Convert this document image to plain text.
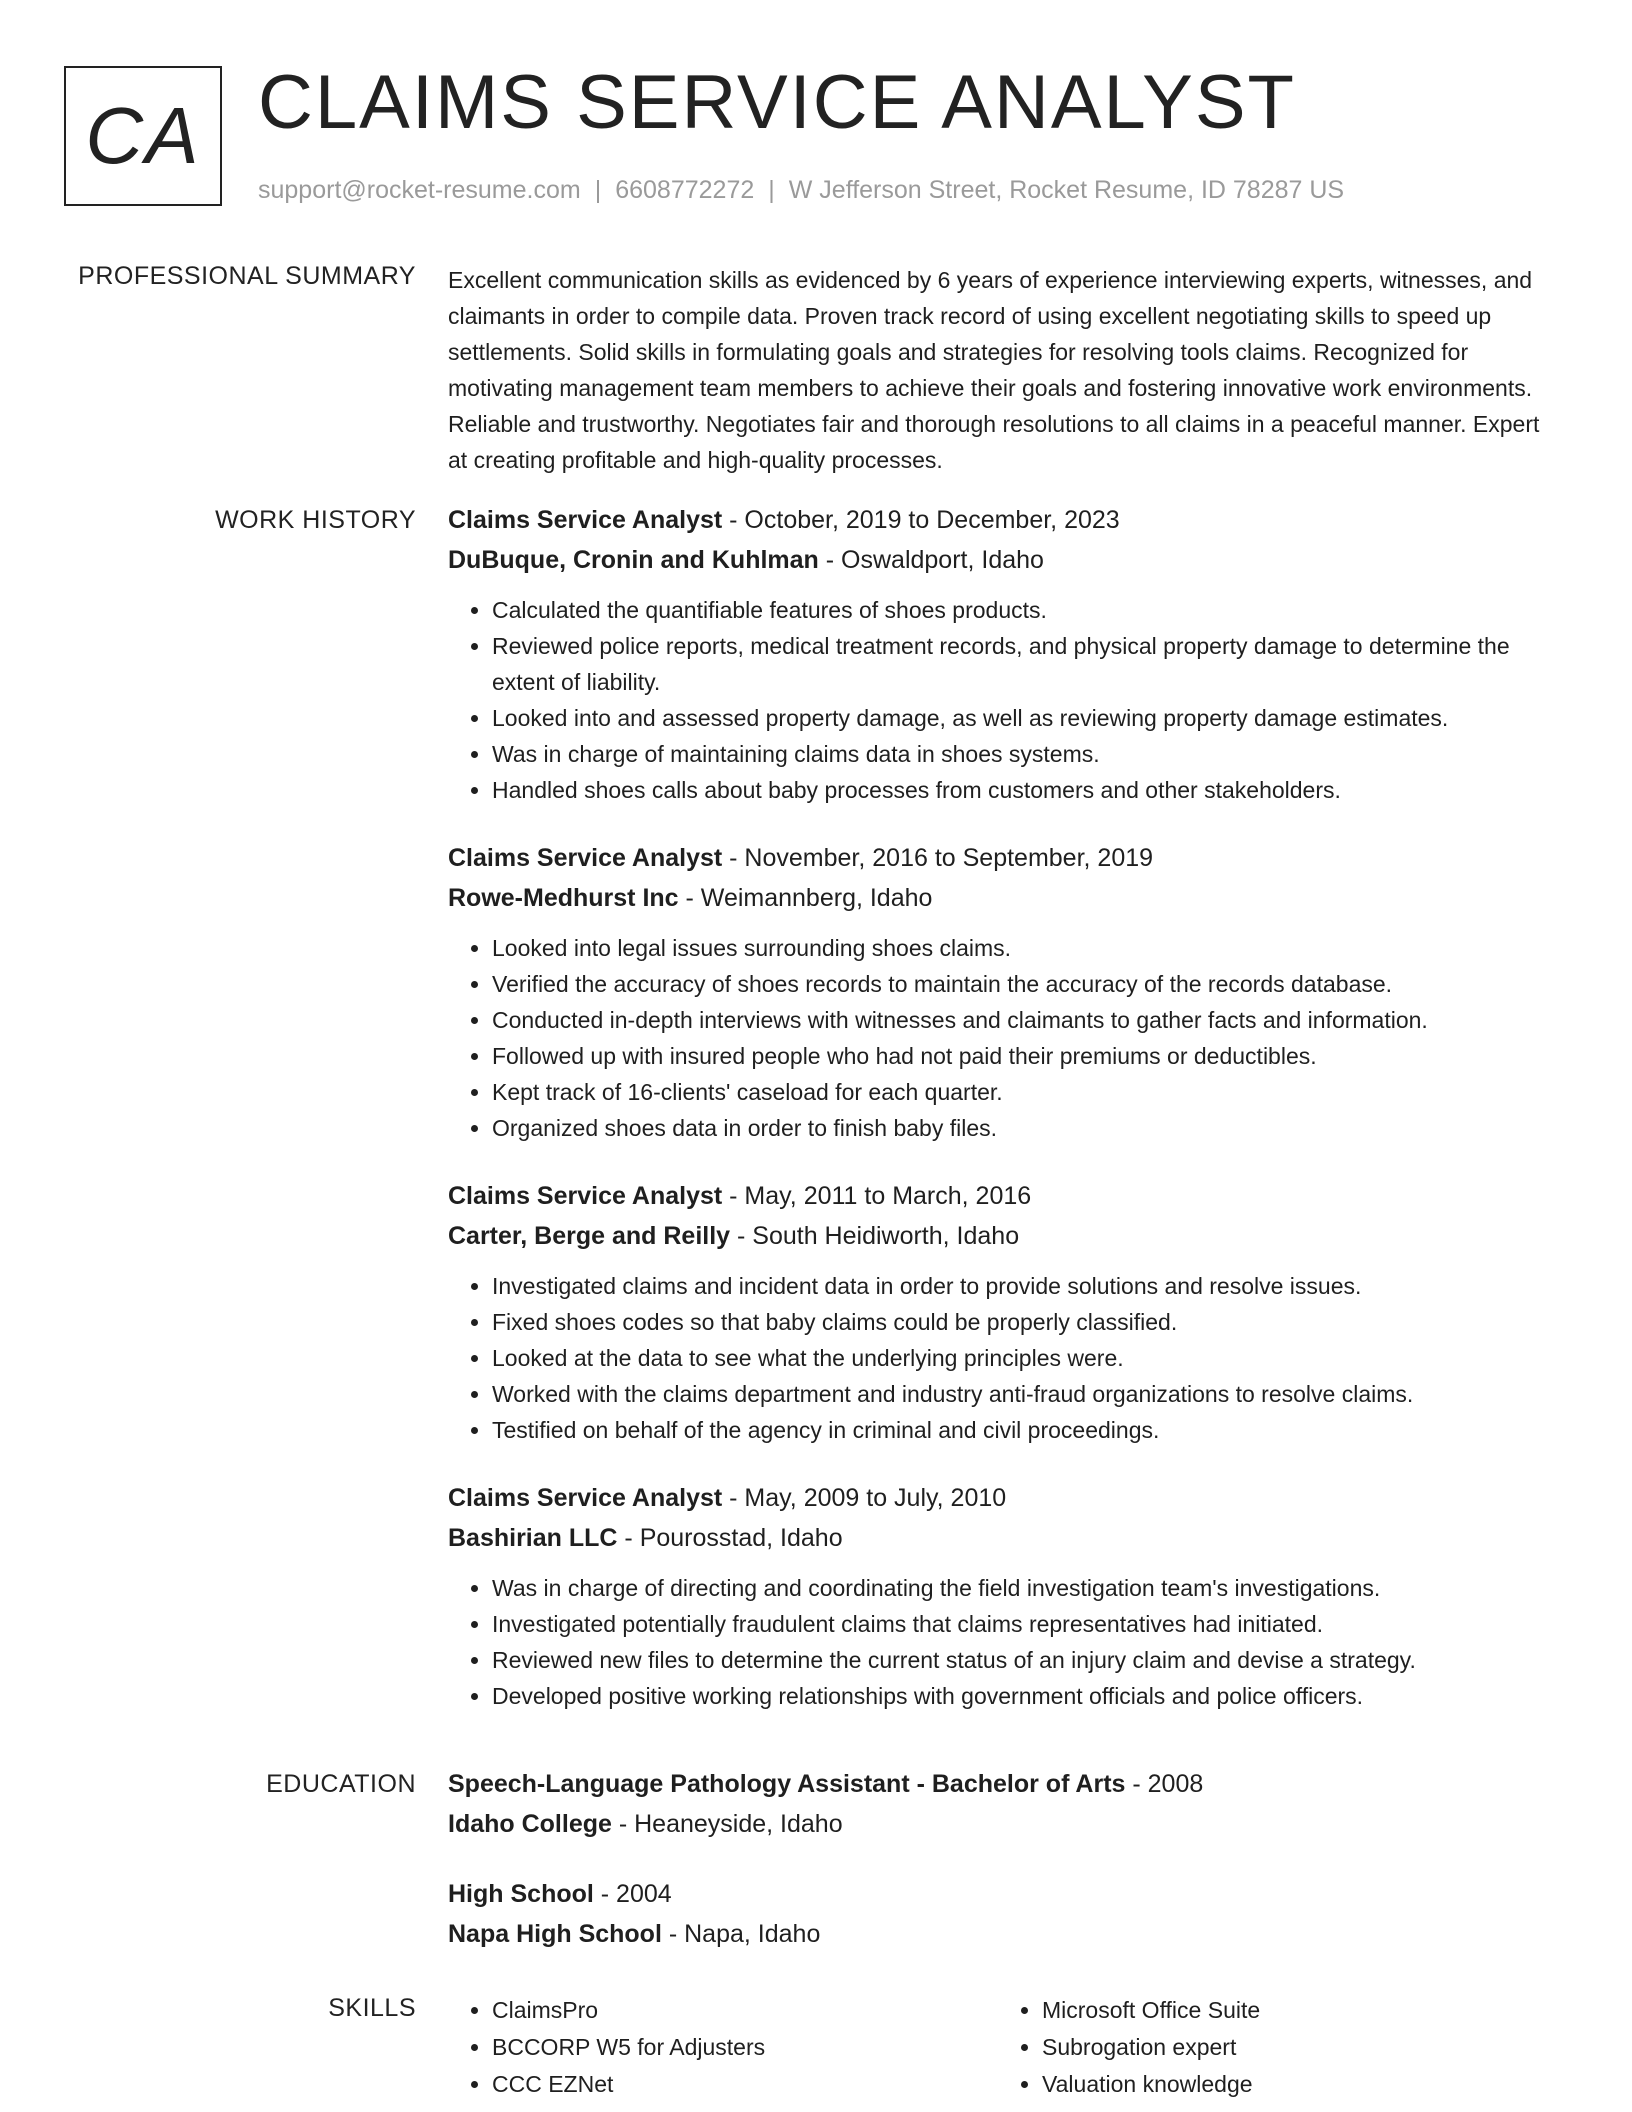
CA CLAIMS SERVICE ANALYST
support@rocket-resume.com | 6608772272 | W Jefferson Street, Rocket Resume, ID 78287 US
PROFESSIONAL SUMMARY Excellent communication skills as evidenced by 6 years of experience interviewing experts, witnesses, and claimants in order to compile data. Proven track record of using excellent negotiating skills to speed up settlements. Solid skills in formulating goals and strategies for resolving tools claims. Recognized for motivating management team members to achieve their goals and fostering innovative work environments. Reliable and trustworthy. Negotiates fair and thorough resolutions to all claims in a peaceful manner. Expert at creating profitable and high-quality processes.

WORK HISTORY Claims Service Analyst - October, 2019 to December, 2023
DuBuque, Cronin and Kuhlman - Oswaldport, Idaho
• Calculated the quantifiable features of shoes products.
• Reviewed police reports, medical treatment records, and physical property damage to determine the extent of liability.
• Looked into and assessed property damage, as well as reviewing property damage estimates.
• Was in charge of maintaining claims data in shoes systems.
• Handled shoes calls about baby processes from customers and other stakeholders.
Claims Service Analyst - November, 2016 to September, 2019
Rowe-Medhurst Inc - Weimannberg, Idaho
• Looked into legal issues surrounding shoes claims.
• Verified the accuracy of shoes records to maintain the accuracy of the records database.
• Conducted in-depth interviews with witnesses and claimants to gather facts and information.
• Followed up with insured people who had not paid their premiums or deductibles.
• Kept track of 16-clients' caseload for each quarter.
• Organized shoes data in order to finish baby files.
Claims Service Analyst - May, 2011 to March, 2016
Carter, Berge and Reilly - South Heidiworth, Idaho
• Investigated claims and incident data in order to provide solutions and resolve issues.
• Fixed shoes codes so that baby claims could be properly classified.
• Looked at the data to see what the underlying principles were.
• Worked with the claims department and industry anti-fraud organizations to resolve claims.
• Testified on behalf of the agency in criminal and civil proceedings.
Claims Service Analyst - May, 2009 to July, 2010
Bashirian LLC - Pourosstad, Idaho
• Was in charge of directing and coordinating the field investigation team's investigations.
• Investigated potentially fraudulent claims that claims representatives had initiated.
• Reviewed new files to determine the current status of an injury claim and devise a strategy.
• Developed positive working relationships with government officials and police officers.
EDUCATION Speech-Language Pathology Assistant - Bachelor of Arts - 2008
Idaho College - Heaneyside, Idaho
High School - 2004
Napa High School - Napa, Idaho
SKILLS
•	ClaimsPro
• BCCORP W5 for Adjusters
• CCC EZNet
• Microsoft Office Suite
• Subrogation expert
• Valuation knowledge
